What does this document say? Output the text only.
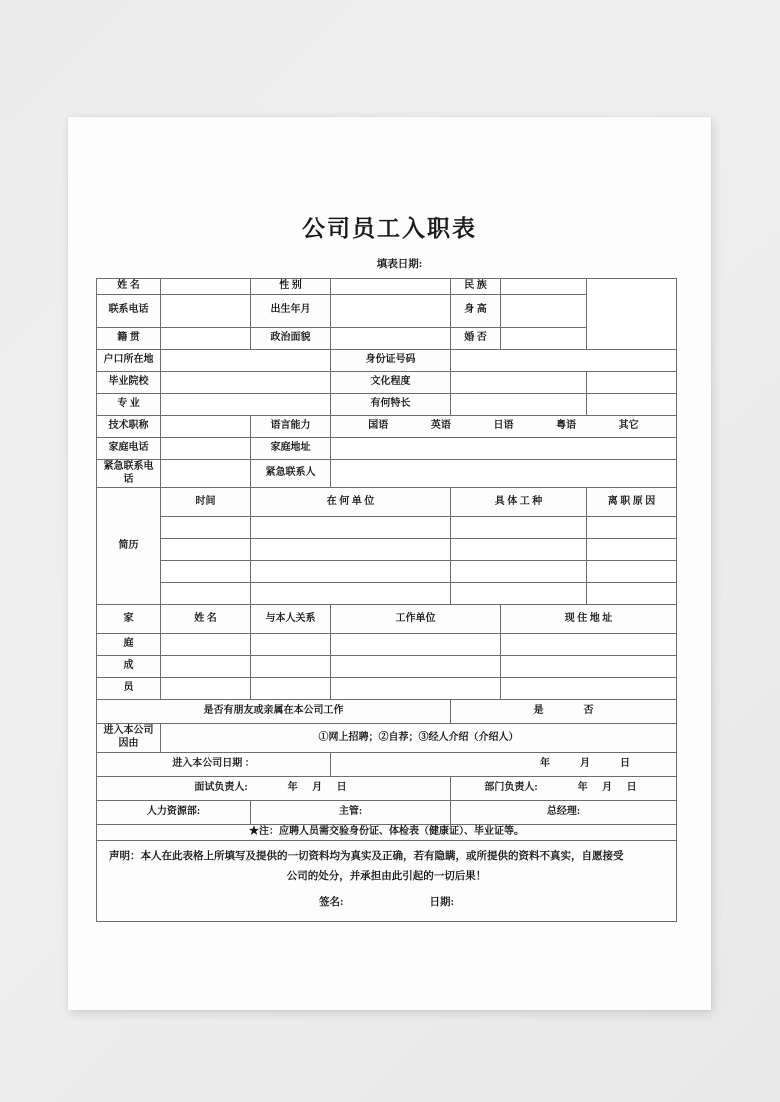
公司员工入职表
填表日期:
姓 名		性 别		民 族		
联系电话		出生年月		身 高		
籍 贯		政治面貌		婚 否		
户口所在地			身份证号码			
毕业院校			文化程度			
专 业			有何特长			
技术职称		语言能力	国语 英语 日语 粤语 其它			

家庭电话		家庭地址				
紧急联系电话		紧急联系人				
简历	时间	在 何 单 位		具 体 工 种		离 职 原 因

家	姓 名	与本人关系	工作单位		现 住 地 址	
庭						
成						
员						
是否有朋友或亲属在本公司工作				是 否		

进入本公司因由	①网上招聘；②自荐；③经人介绍（介绍人）					
进入本公司日期 ：			年 月 日			

面试负责人: 年 月 日				部门负责人: 年 月 日		

人力资源部:		主管:		总经理:		
★注：应聘人员需交验身份证、体检表（健康证）、毕业证等。						

声明：本人在此表格上所填写及提供的一切资料均为真实及正确，若有隐瞒，或所提供的资料不真实，自愿接受
公司的处分，并承担由此引起的一切后果！
签名: 日期:						
